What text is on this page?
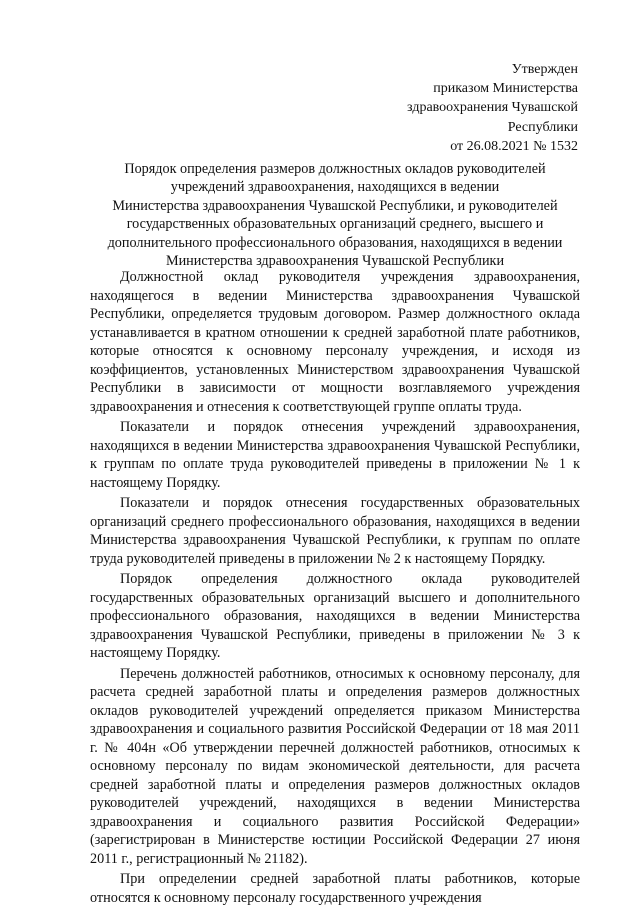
Утвержден
приказом Министерства
здравоохранения Чувашской
Республики
от 26.08.2021 № 1532
Порядок определения размеров должностных окладов руководителей
учреждений здравоохранения, находящихся в ведении
Министерства здравоохранения Чувашской Республики, и руководителей
государственных образовательных организаций среднего, высшего и
дополнительного профессионального образования, находящихся в ведении
Министерства здравоохранения Чувашской Республики

Должностной оклад руководителя учреждения здравоохранения, находящегося в ведении Министерства здравоохранения Чувашской Республики, определяется трудовым договором. Размер должностного оклада устанавливается в кратном отношении к средней заработной плате работников, которые относятся к основному персоналу учреждения, и исходя из коэффициентов, установленных Министерством здравоохранения Чувашской Республики в зависимости от мощности возглавляемого учреждения здравоохранения и отнесения к соответствующей группе оплаты труда.

Показатели и порядок отнесения учреждений здравоохранения, находящихся в ведении Министерства здравоохранения Чувашской Республики, к группам по оплате труда руководителей приведены в приложении № 1 к настоящему Порядку.

Показатели и порядок отнесения государственных образовательных организаций среднего профессионального образования, находящихся в ведении Министерства здравоохранения Чувашской Республики, к группам по оплате труда руководителей приведены в приложении № 2 к настоящему Порядку.

Порядок определения должностного оклада руководителей государственных образовательных организаций высшего и дополнительного профессионального образования, находящихся в ведении Министерства здравоохранения Чувашской Республики, приведены в приложении № 3 к настоящему Порядку.

Перечень должностей работников, относимых к основному персоналу, для расчета средней заработной платы и определения размеров должностных окладов руководителей учреждений определяется приказом Министерства здравоохранения и социального развития Российской Федерации от 18 мая 2011 г. № 404н «Об утверждении перечней должностей работников, относимых к основному персоналу по видам экономической деятельности, для расчета средней заработной платы и определения размеров должностных окладов руководителей учреждений, находящихся в ведении Министерства здравоохранения и социального развития Российской Федерации» (зарегистрирован в Министерстве юстиции Российской Федерации 27 июня 2011 г., регистрационный № 21182).

При определении средней заработной платы работников, которые относятся к основному персоналу государственного учреждения
